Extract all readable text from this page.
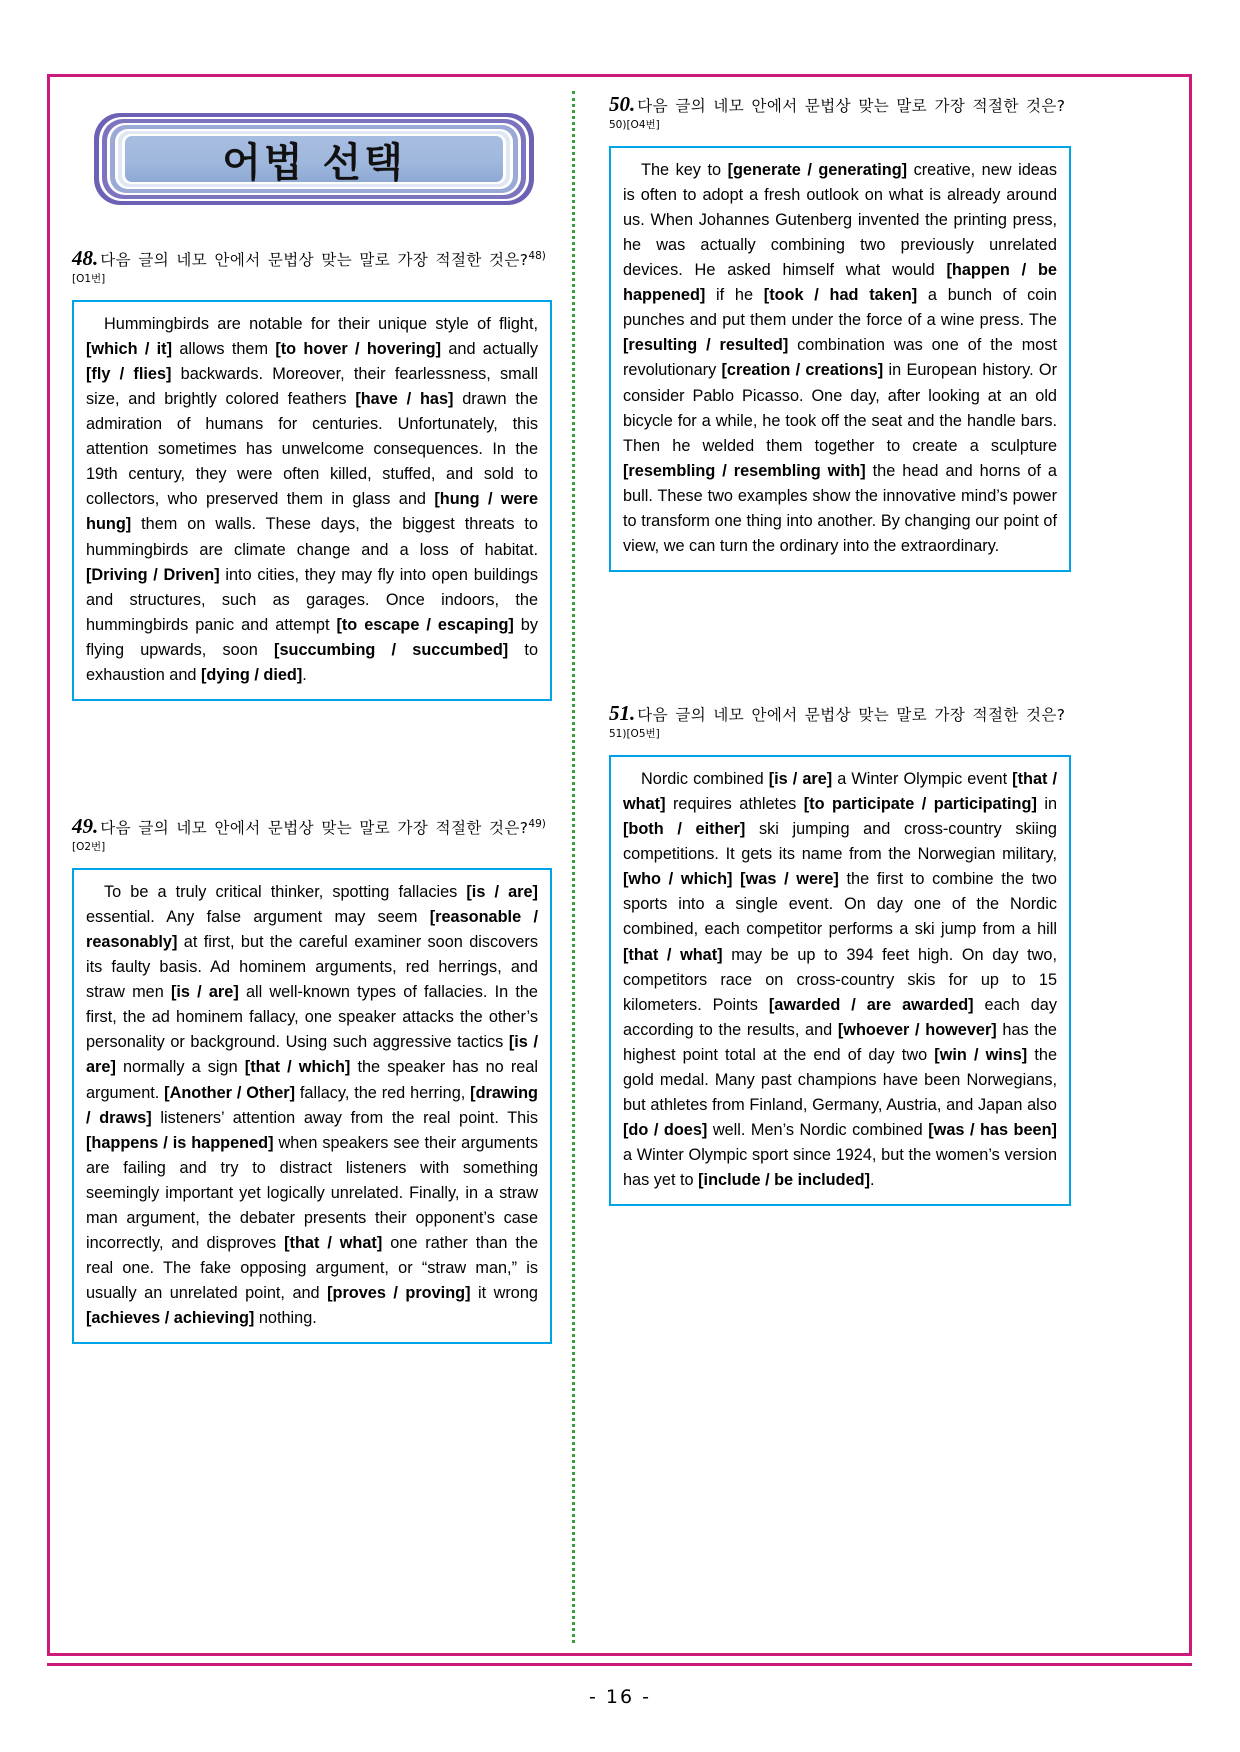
어법 선택
48. 다음 글의 네모 안에서 문법상 맞는 말로 가장 적절한 것은?$^{48)[O1번]}$
Hummingbirds are notable for their unique style of flight, [which / it] allows them [to hover / hovering] and actually [fly / flies] backwards. Moreover, their fearlessness, small size, and brightly colored feathers [have / has] drawn the admiration of humans for centuries. Unfortunately, this attention sometimes has unwelcome consequences. In the 19th century, they were often killed, stuffed, and sold to collectors, who preserved them in glass and [hung / were hung] them on walls. These days, the biggest threats to hummingbirds are climate change and a loss of habitat. [Driving / Driven] into cities, they may fly into open buildings and structures, such as garages. Once indoors, the hummingbirds panic and attempt [to escape / escaping] by flying upwards, soon [succumbing / succumbed] to exhaustion and [dying / died].
49. 다음 글의 네모 안에서 문법상 맞는 말로 가장 적절한 것은?$^{49)[O2번]}$
To be a truly critical thinker, spotting fallacies [is / are] essential. Any false argument may seem [reasonable / reasonably] at first, but the careful examiner soon discovers its faulty basis. Ad hominem arguments, red herrings, and straw men [is / are] all well-known types of fallacies. In the first, the ad hominem fallacy, one speaker attacks the other’s personality or background. Using such aggressive tactics [is / are] normally a sign [that / which] the speaker has no real argument. [Another / Other] fallacy, the red herring, [drawing / draws] listeners’ attention away from the real point. This [happens / is happened] when speakers see their arguments are failing and try to distract listeners with something seemingly important yet logically unrelated. Finally, in a straw man argument, the debater presents their opponent’s case incorrectly, and disproves [that / what] one rather than the real one. The fake opposing argument, or “straw man,” is usually an unrelated point, and [proves / proving] it wrong [achieves / achieving] nothing.
50. 다음 글의 네모 안에서 문법상 맞는 말로 가장 적절한 것은?$^{50)[O4번]}$
The key to [generate / generating] creative, new ideas is often to adopt a fresh outlook on what is already around us. When Johannes Gutenberg invented the printing press, he was actually combining two previously unrelated devices. He asked himself what would [happen / be happened] if he [took / had taken] a bunch of coin punches and put them under the force of a wine press. The [resulting / resulted] combination was one of the most revolutionary [creation / creations] in European history. Or consider Pablo Picasso. One day, after looking at an old bicycle for a while, he took off the seat and the handle bars. Then he welded them together to create a sculpture [resembling / resembling with] the head and horns of a bull. These two examples show the innovative mind’s power to transform one thing into another. By changing our point of view, we can turn the ordinary into the extraordinary.
51. 다음 글의 네모 안에서 문법상 맞는 말로 가장 적절한 것은?$^{51)[O5번]}$
Nordic combined [is / are] a Winter Olympic event [that / what] requires athletes [to participate / participating] in [both / either] ski jumping and cross-country skiing competitions. It gets its name from the Norwegian military, [who / which] [was / were] the first to combine the two sports into a single event. On day one of the Nordic combined, each competitor performs a ski jump from a hill [that / what] may be up to 394 feet high. On day two, competitors race on cross-country skis for up to 15 kilometers. Points [awarded / are awarded] each day according to the results, and [whoever / however] has the highest point total at the end of day two [win / wins] the gold medal. Many past champions have been Norwegians, but athletes from Finland, Germany, Austria, and Japan also [do / does] well. Men’s Nordic combined [was / has been] a Winter Olympic sport since 1924, but the women’s version has yet to [include / be included].
- 16 -
